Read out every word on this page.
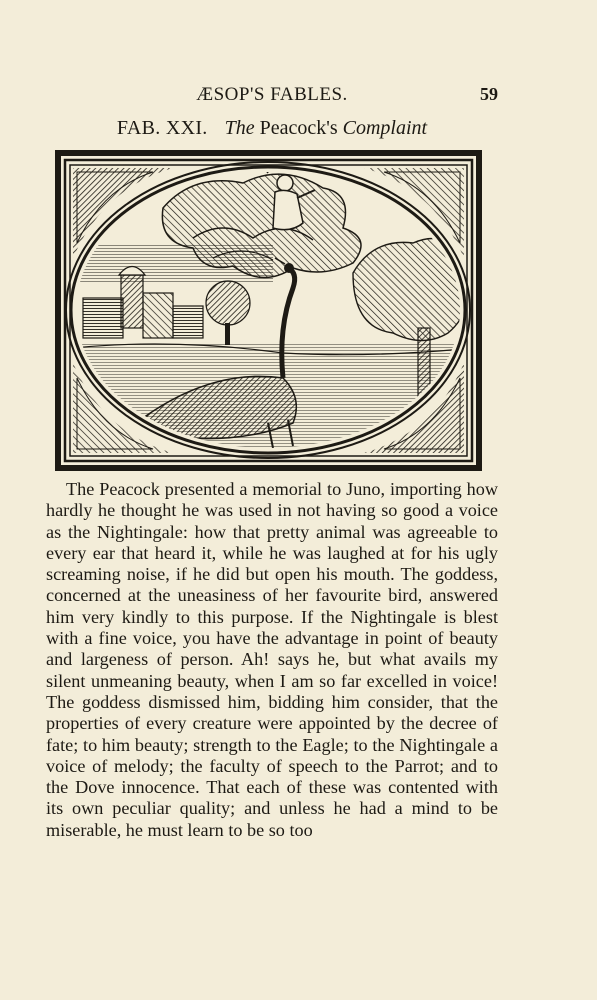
ÆSOP'S FABLES.	59
FAB. XXI. The Peacock's Complaint
The Peacock presented a memorial to Juno, importing how hardly he thought he was used in not having so good a voice as the Nightingale: how that pretty animal was agreeable to every ear that heard it, while he was laughed at for his ugly screaming noise, if he did but open his mouth. The goddess, concerned at the uneasiness of her favourite bird, answered him very kindly to this purpose. If the Nightingale is blest with a fine voice, you have the advantage in point of beauty and largeness of person. Ah! says he, but what avails my silent unmeaning beauty, when I am so far excelled in voice! The goddess dismissed him, bidding him consider, that the properties of every creature were appointed by the decree of fate; to him beauty; strength to the Eagle; to the Nightingale a voice of melody; the faculty of speech to the Parrot; and to the Dove innocence. That each of these was contented with its own peculiar quality; and unless he had a mind to be miserable, he must learn to be so too
